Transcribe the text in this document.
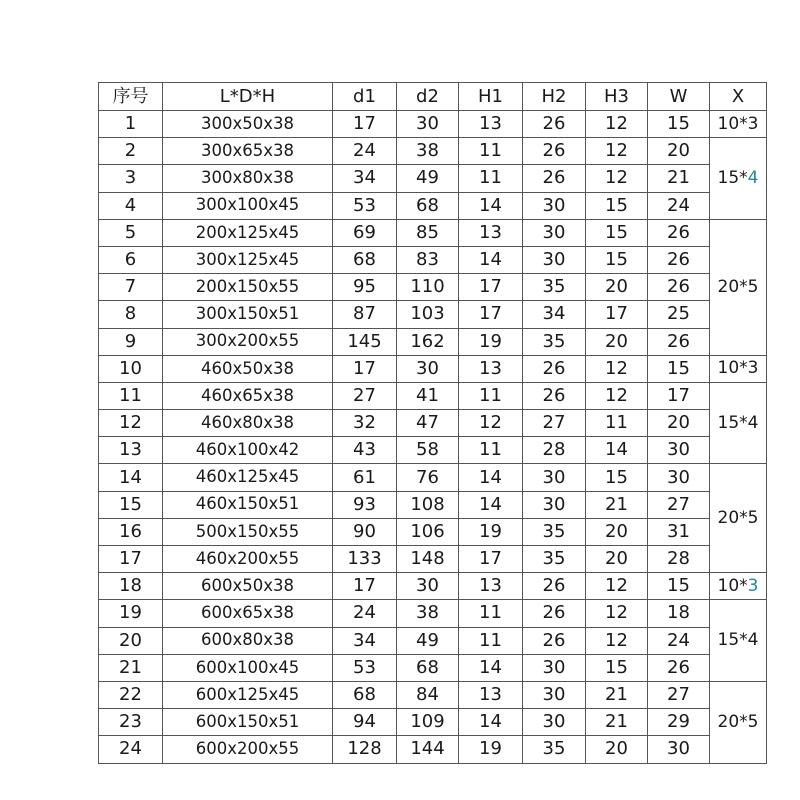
序号	L*D*H	d1	d2	H1	H2	H3	W	X
1	300x50x38	17	30	13	26	12	15	10*3
2	300x65x38	24	38	11	26	12	20	15*4
3	300x80x38	34	49	11	26	12	21	
4	300x100x45	53	68	14	30	15	24	
5	200x125x45	69	85	13	30	15	26	20*5
6	300x125x45	68	83	14	30	15	26	
7	200x150x55	95	110	17	35	20	26	
8	300x150x51	87	103	17	34	17	25	
9	300x200x55	145	162	19	35	20	26	
10	460x50x38	17	30	13	26	12	15	10*3
11	460x65x38	27	41	11	26	12	17	15*4
12	460x80x38	32	47	12	27	11	20	
13	460x100x42	43	58	11	28	14	30	
14	460x125x45	61	76	14	30	15	30	20*5
15	460x150x51	93	108	14	30	21	27	
16	500x150x55	90	106	19	35	20	31	
17	460x200x55	133	148	17	35	20	28	
18	600x50x38	17	30	13	26	12	15	10*3
19	600x65x38	24	38	11	26	12	18	15*4
20	600x80x38	34	49	11	26	12	24	
21	600x100x45	53	68	14	30	15	26	
22	600x125x45	68	84	13	30	21	27	20*5
23	600x150x51	94	109	14	30	21	29	
24	600x200x55	128	144	19	35	20	30	
